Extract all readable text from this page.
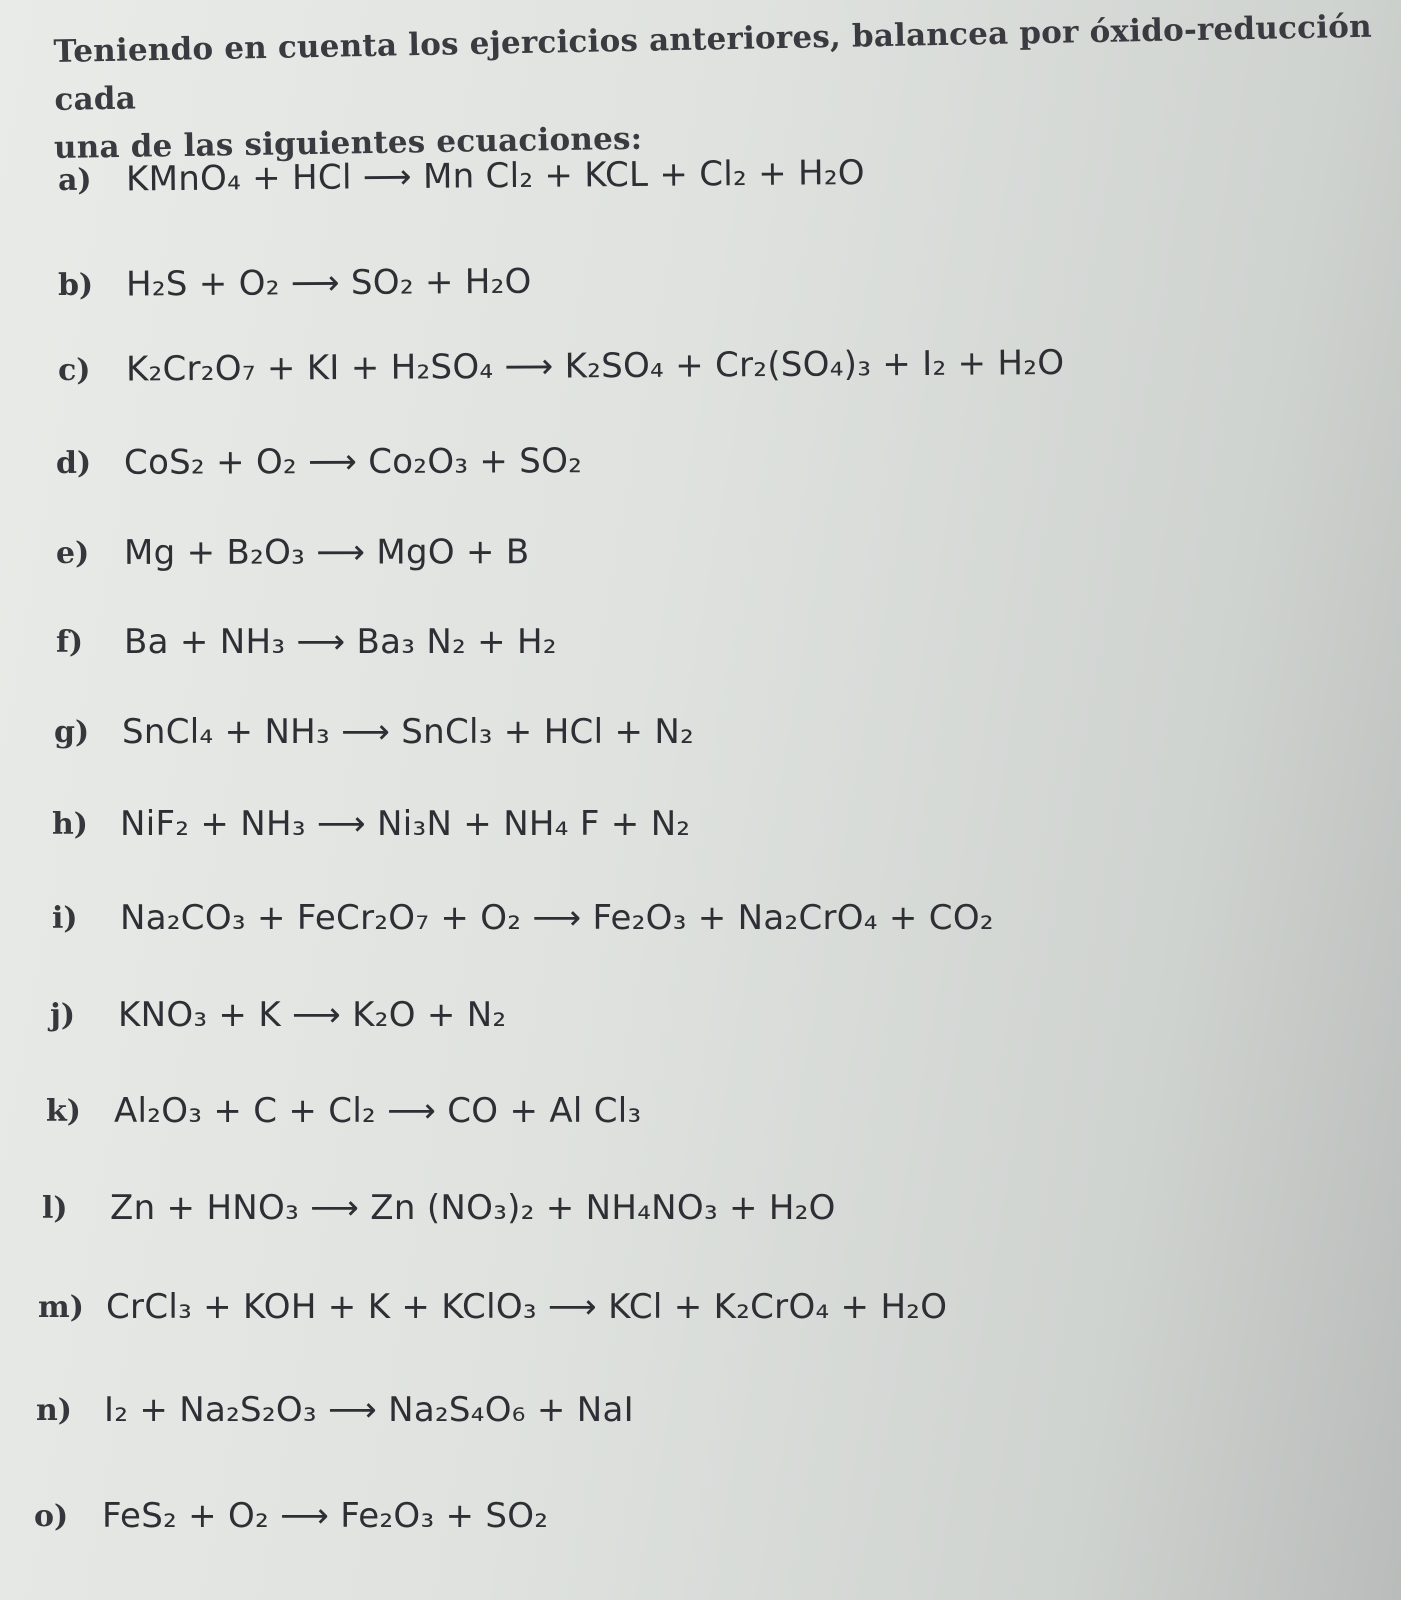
Teniendo en cuenta los ejercicios anteriores, balancea por óxido-reducción cada
una de las siguientes ecuaciones:
a)	KMnO₄ + HCl ⟶ Mn Cl₂ + KCL + Cl₂ + H₂O
b) H₂S + O₂ ⟶ SO₂ + H₂O
c)	K₂Cr₂O₇ + KI + H₂SO₄ ⟶ K₂SO₄ + Cr₂(SO₄)₃ + I₂ + H₂O
d) CoS₂ + O₂ ⟶ Co₂O₃ + SO₂
e)	Mg + B₂O₃ ⟶ MgO + B
f)	Ba + NH₃ ⟶ Ba₃ N₂ + H₂
g) SnCl₄ + NH₃ ⟶ SnCl₃ + HCl + N₂
h) NiF₂ + NH₃ ⟶ Ni₃N + NH₄ F + N₂
i)	Na₂CO₃ + FeCr₂O₇ + O₂ ⟶ Fe₂O₃ + Na₂CrO₄ + CO₂
j)	KNO₃ + K ⟶ K₂O + N₂
k) Al₂O₃ + C + Cl₂ ⟶ CO + Al Cl₃
l)	Zn + HNO₃ ⟶ Zn (NO₃)₂ + NH₄NO₃ + H₂O
m) CrCl₃ + KOH + K + KClO₃ ⟶ KCl + K₂CrO₄ + H₂O
n) I₂ + Na₂S₂O₃ ⟶ Na₂S₄O₆ + NaI
o) FeS₂ + O₂ ⟶ Fe₂O₃ + SO₂
